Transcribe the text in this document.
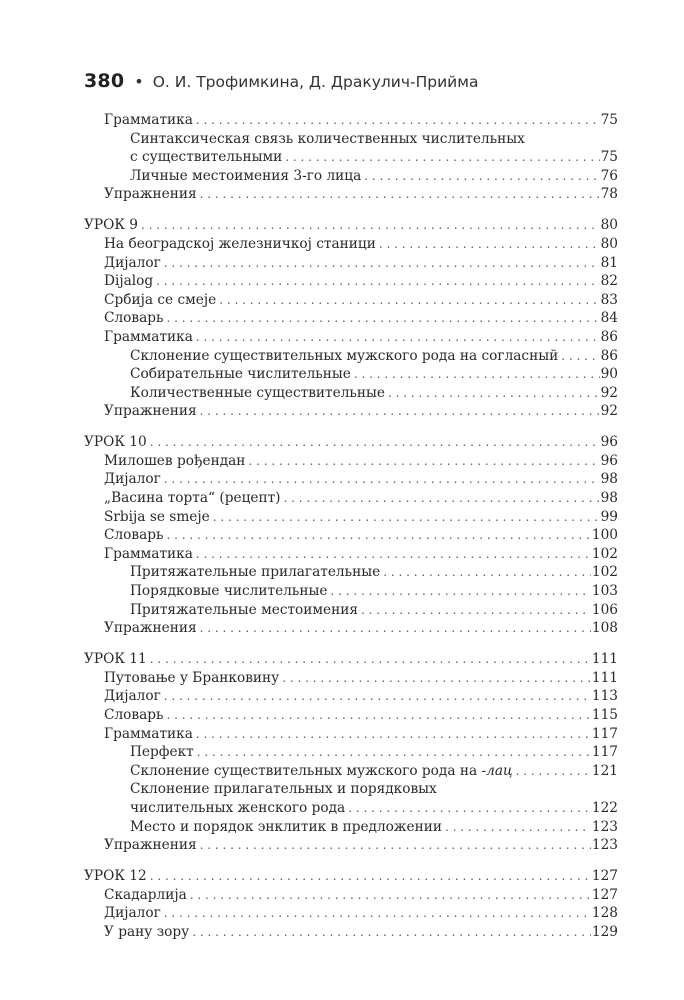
380 • О. И. Трофимкина, Д. Дракулич-Прийма
Грамматика . . .	75
Синтаксическая связь количественных числительных
с существительными . . .	75
Личные местоимения 3-го лица . . .	76
Упражнения . . .	78
УРОК 9 . . .	80
На београдској железничкој станици . . .	80
Дијалог . . .	81
Dijalog . . .	82
Србија се смеје . . .	83
Словарь . . .	84
Грамматика . . .	86
Склонение существительных мужского рода на согласный . . .	86
Собирательные числительные . . .	90
Количественные существительные . . .	92
Упражнения . . .	92
УРОК 10 . . .	96
Милошев рођендан . . .	96
Дијалог . . .	98
„Васина торта“ (рецепт) . . .	98
Srbija se smeje . . .	99
Словарь . . .	100
Грамматика . . .	102
Притяжательные прилагательные . . .	102
Порядковые числительные . . .	103
Притяжательные местоимения . . .	106
Упражнения . . .	108
УРОК 11 . . .	111
Путовање у Бранковину . . .	111
Дијалог . . .	113
Словарь . . .	115
Грамматика . . .	117
Перфект . . .	117
Склонение существительных мужского рода на -лац . . .	121
Склонение прилагательных и порядковых
числительных женского рода . . .	122
Место и порядок энклитик в предложении . . .	123
Упражнения . . .	123
УРОК 12 . . .	127
Скадарлија . . .	127
Дијалог . . .	128
У рану зору . . .	129
